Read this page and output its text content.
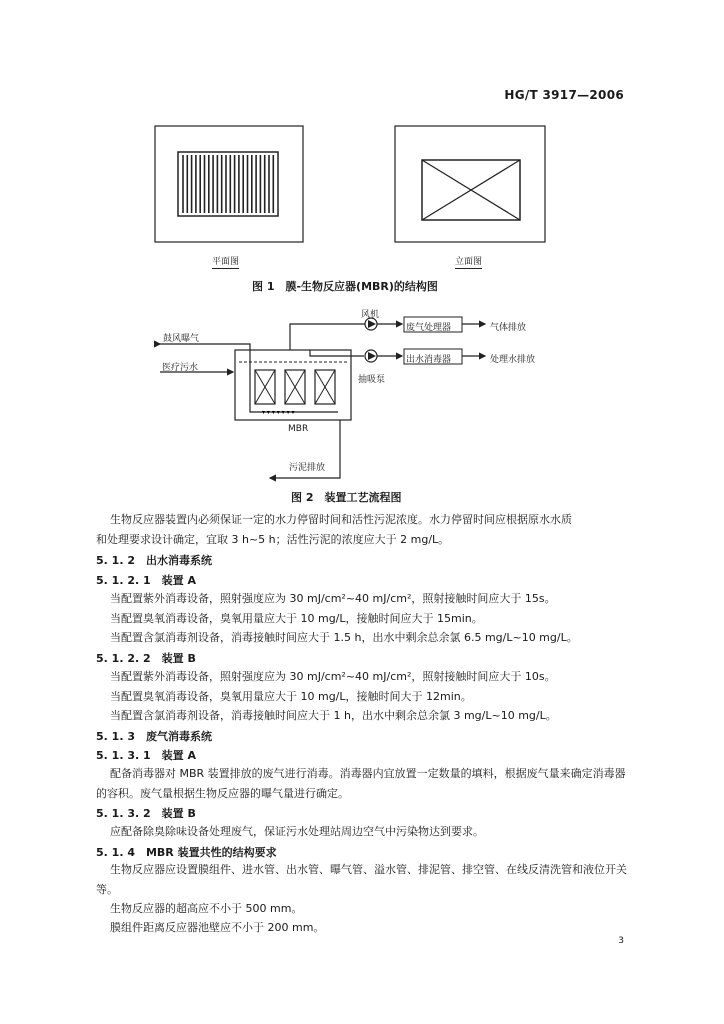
HG/T 3917—2006
平面图	立面图
图 1　膜-生物反应器(MBR)的结构图
▾ ▾ ▾ ▾ ▾ ▾ ▾
风机
废气处理器	气体排放
出水消毒器	处理水排放
鼓风曝气
医疗污水
抽吸泵
MBR
污泥排放
图 2　装置工艺流程图
生物反应器装置内必须保证一定的水力停留时间和活性污泥浓度。水力停留时间应根据原水水质
和处理要求设计确定，宜取 3 h~5 h；活性污泥的浓度应大于 2 mg/L。
5. 1. 2　出水消毒系统
5. 1. 2. 1　装置 A
当配置紫外消毒设备，照射强度应为 30 mJ/cm²~40 mJ/cm²，照射接触时间应大于 15s。
当配置臭氧消毒设备，臭氧用量应大于 10 mg/L，接触时间应大于 15min。
当配置含氯消毒剂设备，消毒接触时间应大于 1.5 h，出水中剩余总余氯 6.5 mg/L~10 mg/L。
5. 1. 2. 2　装置 B
当配置紫外消毒设备，照射强度应为 30 mJ/cm²~40 mJ/cm²，照射接触时间应大于 10s。
当配置臭氧消毒设备，臭氧用量应大于 10 mg/L，接触时间大于 12min。
当配置含氯消毒剂设备，消毒接触时间应大于 1 h，出水中剩余总余氯 3 mg/L~10 mg/L。
5. 1. 3　废气消毒系统
5. 1. 3. 1　装置 A
配备消毒器对 MBR 装置排放的废气进行消毒。消毒器内宜放置一定数量的填料，根据废气量来确定消毒器的容积。废气量根据生物反应器的曝气量进行确定。
5. 1. 3. 2　装置 B
应配备除臭除味设备处理废气，保证污水处理站周边空气中污染物达到要求。
5. 1. 4　MBR 装置共性的结构要求
生物反应器应设置膜组件、进水管、出水管、曝气管、溢水管、排泥管、排空管、在线反清洗管和液位开关等。
生物反应器的超高应不小于 500 mm。
膜组件距离反应器池壁应不小于 200 mm。
3
